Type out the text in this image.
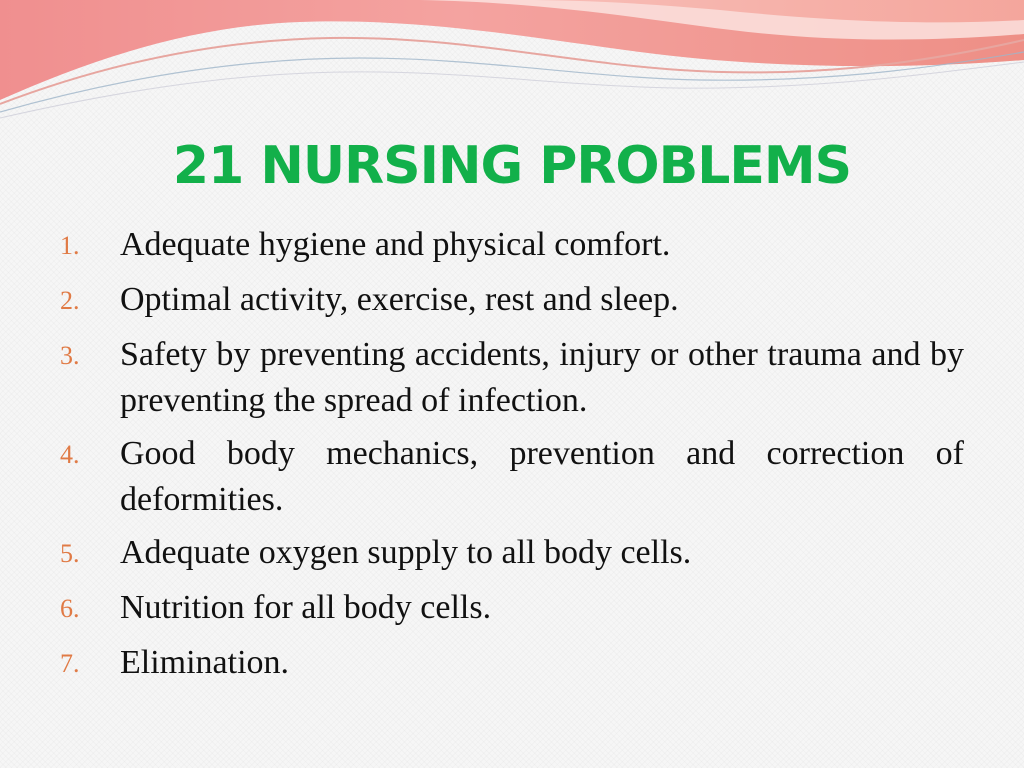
21 NURSING PROBLEMS
1.	Adequate hygiene and physical comfort.
2.	Optimal activity, exercise, rest and sleep.
3.	Safety by preventing accidents, injury or other trauma and by preventing the spread of infection.
4.	Good body mechanics, prevention and correction of deformities.
5.	Adequate oxygen supply to all body cells.
6.	Nutrition for all body cells.
7.	Elimination.
